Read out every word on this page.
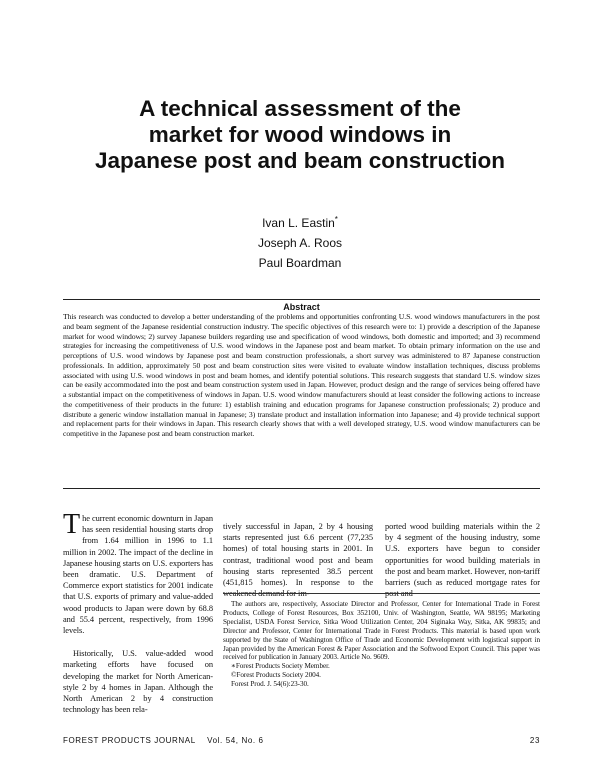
A technical assessment of the
market for wood windows in
Japanese post and beam construction
Ivan L. Eastin*
Joseph A. Roos
Paul Boardman
Abstract

This research was conducted to develop a better understanding of the problems and opportunities confronting U.S. wood windows manufacturers in the post and beam segment of the Japanese residential construction industry. The specific objectives of this research were to: 1) provide a description of the Japanese market for wood windows; 2) survey Japanese builders regarding use and specification of wood windows, both domestic and imported; and 3) recommend strategies for increasing the competitiveness of U.S. wood windows in the Japanese post and beam market. To obtain primary information on the use and perceptions of U.S. wood windows by Japanese post and beam construction professionals, a short survey was administered to 87 Japanese construction professionals. In addition, approximately 50 post and beam construction sites were visited to evaluate window installation techniques, discuss problems associated with using U.S. wood windows in post and beam homes, and identify potential solutions. This research suggests that standard U.S. window sizes can be easily accommodated into the post and beam construction system used in Japan. However, product design and the range of services being offered have a substantial impact on the competitiveness of windows in Japan. U.S. wood window manufacturers should at least consider the following actions to increase the competitiveness of their products in the future: 1) establish training and education programs for Japanese construction professionals; 2) produce and distribute a generic window installation manual in Japanese; 3) translate product and installation information into Japanese; and 4) provide technical support and replacement parts for their windows in Japan. This research clearly shows that with a well developed strategy, U.S. wood window manufacturers can be competitive in the Japanese post and beam construction market.

The current economic downturn in Japan has seen residential housing starts drop from 1.64 million in 1996 to 1.1 million in 2002. The impact of the decline in Japanese housing starts on U.S. exporters has been dramatic. U.S. Department of Commerce export statistics for 2001 indicate that U.S. exports of primary and value-added wood products to Japan were down by 68.8 and 55.4 percent, respectively, from 1996 levels.

Historically, U.S. value-added wood marketing efforts have focused on developing the market for North American-style 2 by 4 homes in Japan. Although the North American 2 by 4 construction technology has been rela-

tively successful in Japan, 2 by 4 housing starts represented just 6.6 percent (77,235 homes) of total housing starts in 2001. In contrast, traditional wood post and beam housing starts represented 38.5 percent (451,815 homes). In response to the weakened demand for im-

ported wood building materials within the 2 by 4 segment of the housing industry, some U.S. exporters have begun to consider opportunities for wood building materials in the post and beam market. However, non-tariff barriers (such as reduced mortgage rates for post and

The authors are, respectively, Associate Director and Professor, Center for International Trade in Forest Products, College of Forest Resources, Box 352100, Univ. of Washington, Seattle, WA 98195; Marketing Specialist, USDA Forest Service, Sitka Wood Utilization Center, 204 Siginaka Way, Sitka, AK 99835; and Director and Professor, Center for International Trade in Forest Products. This material is based upon work supported by the State of Washington Office of Trade and Economic Development with logistical support in Japan provided by the American Forest & Paper Association and the Softwood Export Council. This paper was received for publication in January 2003. Article No. 9609.
∗Forest Products Society Member.
©Forest Products Society 2004.
Forest Prod. J. 54(6):23-30.
FOREST PRODUCTS JOURNAL Vol. 54, No. 6	23
